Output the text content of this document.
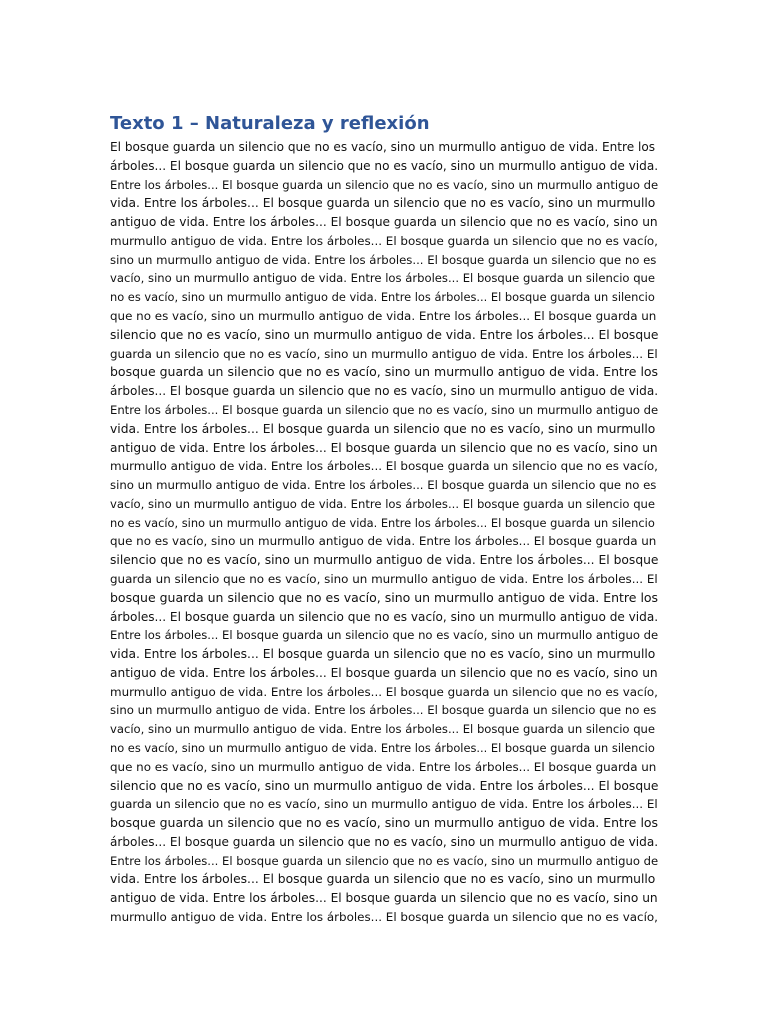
Texto 1 – Naturaleza y reflexión

El bosque guarda un silencio que no es vacío, sino un murmullo antiguo de vida. Entre los

árboles... El bosque guarda un silencio que no es vacío, sino un murmullo antiguo de vida.

Entre los árboles... El bosque guarda un silencio que no es vacío, sino un murmullo antiguo de

vida. Entre los árboles... El bosque guarda un silencio que no es vacío, sino un murmullo

antiguo de vida. Entre los árboles... El bosque guarda un silencio que no es vacío, sino un

murmullo antiguo de vida. Entre los árboles... El bosque guarda un silencio que no es vacío,

sino un murmullo antiguo de vida. Entre los árboles... El bosque guarda un silencio que no es

vacío, sino un murmullo antiguo de vida. Entre los árboles... El bosque guarda un silencio que

no es vacío, sino un murmullo antiguo de vida. Entre los árboles... El bosque guarda un silencio

que no es vacío, sino un murmullo antiguo de vida. Entre los árboles... El bosque guarda un

silencio que no es vacío, sino un murmullo antiguo de vida. Entre los árboles... El bosque

guarda un silencio que no es vacío, sino un murmullo antiguo de vida. Entre los árboles... El

bosque guarda un silencio que no es vacío, sino un murmullo antiguo de vida. Entre los

árboles... El bosque guarda un silencio que no es vacío, sino un murmullo antiguo de vida.

Entre los árboles... El bosque guarda un silencio que no es vacío, sino un murmullo antiguo de

vida. Entre los árboles... El bosque guarda un silencio que no es vacío, sino un murmullo

antiguo de vida. Entre los árboles... El bosque guarda un silencio que no es vacío, sino un

murmullo antiguo de vida. Entre los árboles... El bosque guarda un silencio que no es vacío,

sino un murmullo antiguo de vida. Entre los árboles... El bosque guarda un silencio que no es

vacío, sino un murmullo antiguo de vida. Entre los árboles... El bosque guarda un silencio que

no es vacío, sino un murmullo antiguo de vida. Entre los árboles... El bosque guarda un silencio

que no es vacío, sino un murmullo antiguo de vida. Entre los árboles... El bosque guarda un

silencio que no es vacío, sino un murmullo antiguo de vida. Entre los árboles... El bosque

guarda un silencio que no es vacío, sino un murmullo antiguo de vida. Entre los árboles... El

bosque guarda un silencio que no es vacío, sino un murmullo antiguo de vida. Entre los

árboles... El bosque guarda un silencio que no es vacío, sino un murmullo antiguo de vida.

Entre los árboles... El bosque guarda un silencio que no es vacío, sino un murmullo antiguo de

vida. Entre los árboles... El bosque guarda un silencio que no es vacío, sino un murmullo

antiguo de vida. Entre los árboles... El bosque guarda un silencio que no es vacío, sino un

murmullo antiguo de vida. Entre los árboles... El bosque guarda un silencio que no es vacío,

sino un murmullo antiguo de vida. Entre los árboles... El bosque guarda un silencio que no es

vacío, sino un murmullo antiguo de vida. Entre los árboles... El bosque guarda un silencio que

no es vacío, sino un murmullo antiguo de vida. Entre los árboles... El bosque guarda un silencio

que no es vacío, sino un murmullo antiguo de vida. Entre los árboles... El bosque guarda un

silencio que no es vacío, sino un murmullo antiguo de vida. Entre los árboles... El bosque

guarda un silencio que no es vacío, sino un murmullo antiguo de vida. Entre los árboles... El

bosque guarda un silencio que no es vacío, sino un murmullo antiguo de vida. Entre los

árboles... El bosque guarda un silencio que no es vacío, sino un murmullo antiguo de vida.

Entre los árboles... El bosque guarda un silencio que no es vacío, sino un murmullo antiguo de

vida. Entre los árboles... El bosque guarda un silencio que no es vacío, sino un murmullo

antiguo de vida. Entre los árboles... El bosque guarda un silencio que no es vacío, sino un

murmullo antiguo de vida. Entre los árboles... El bosque guarda un silencio que no es vacío,
